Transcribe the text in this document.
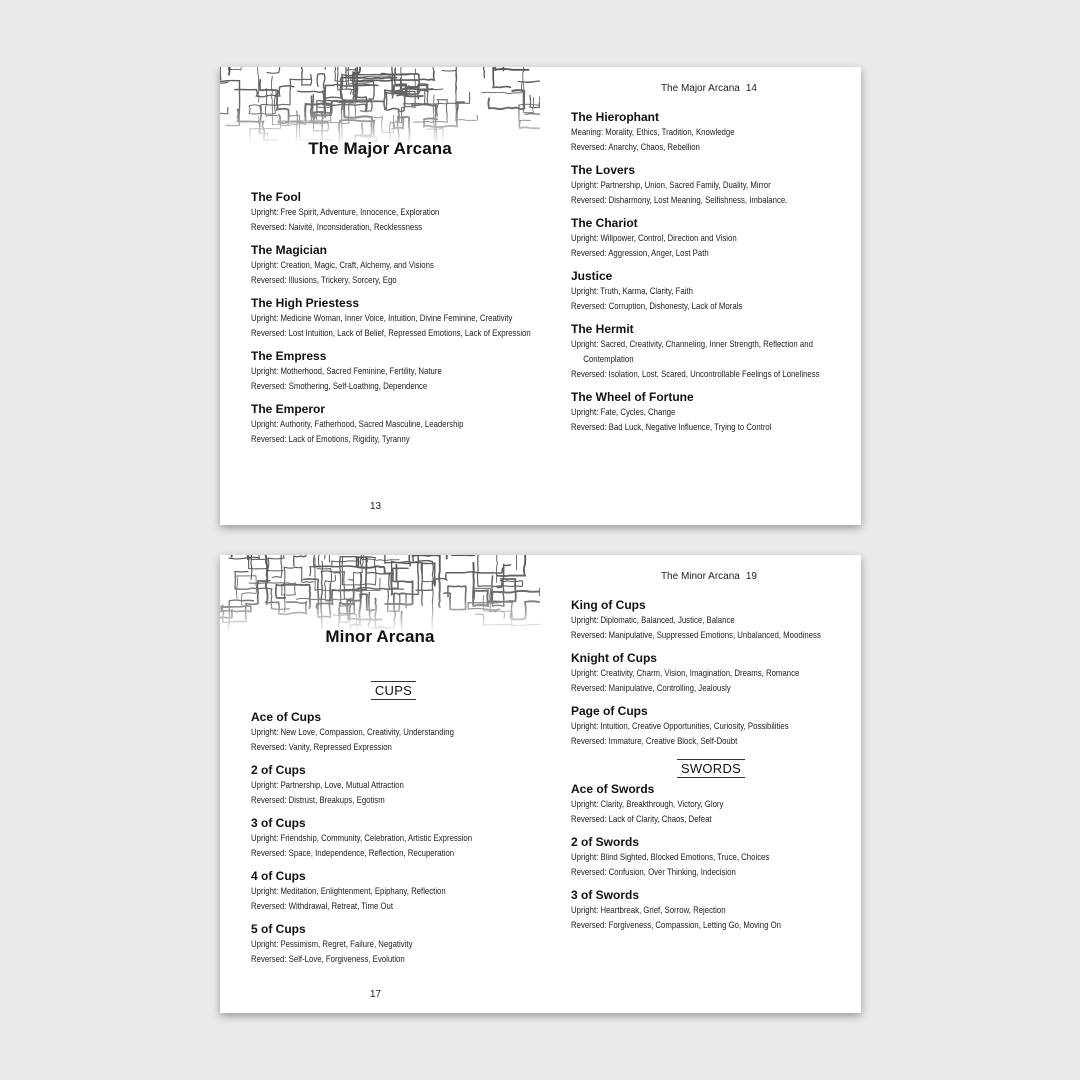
The Major Arcana
The Fool
Upright: Free Spirit, Adventure, Innocence, Exploration
Reversed: Naivité, Inconsideration, Recklessness
The Magician
Upright: Creation, Magic, Craft, Alchemy, and Visions
Reversed: Illusions, Trickery, Sorcery, Ego
The High Priestess
Upright: Medicine Woman, Inner Voice, Intuition, Divine Feminine, Creativity
Reversed: Lost Intuition, Lack of Belief, Repressed Emotions, Lack of Expression
The Empress
Upright: Motherhood, Sacred Feminine, Fertility, Nature
Reversed: Smothering, Self-Loathing, Dependence
The Emperor
Upright: Authority, Fatherhood, Sacred Masculine, Leadership
Reversed: Lack of Emotions, Rigidity, Tyranny
13
The Major Arcana 14
The Hierophant
Meaning: Morality, Ethics, Tradition, Knowledge
Reversed: Anarchy, Chaos, Rebellion
The Lovers
Upright: Partnership, Union, Sacred Family, Duality, Mirror
Reversed: Disharmony, Lost Meaning, Selfishness, Imbalance.
The Chariot
Upright: Willpower, Control, Direction and Vision
Reversed: Aggression, Anger, Lost Path
Justice
Upright: Truth, Karma, Clarity, Faith
Reversed: Corruption, Dishonesty, Lack of Morals
The Hermit
Upright: Sacred, Creativity, Channeling, Inner Strength, Reflection and Contemplation
Reversed: Isolation, Lost, Scared, Uncontrollable Feelings of Loneliness
The Wheel of Fortune
Upright: Fate, Cycles, Change
Reversed: Bad Luck, Negative Influence, Trying to Control
Minor Arcana
CUPS
Ace of Cups
Upright: New Love, Compassion, Creativity, Understanding
Reversed: Vanity, Repressed Expression
2 of Cups
Upright: Partnership, Love, Mutual Attraction
Reversed: Distrust, Breakups, Egotism
3 of Cups
Upright: Friendship, Community, Celebration, Artistic Expression
Reversed: Space, Independence, Reflection, Recuperation
4 of Cups
Upright: Meditation, Enlightenment, Epiphany, Reflection
Reversed: Withdrawal, Retreat, Time Out
5 of Cups
Upright: Pessimism, Regret, Failure, Negativity
Reversed: Self-Love, Forgiveness, Evolution
17
The Minor Arcana 19
King of Cups
Upright: Diplomatic, Balanced, Justice, Balance
Reversed: Manipulative, Suppressed Emotions, Unbalanced, Moodiness
Knight of Cups
Upright: Creativity, Charm, Vision, Imagination, Dreams, Romance
Reversed: Manipulative, Controlling, Jealously
Page of Cups
Upright: Intuition, Creative Opportunities, Curiosity, Possibilities
Reversed: Immature, Creative Block, Self-Doubt
SWORDS
Ace of Swords
Upright: Clarity, Breakthrough, Victory, Glory
Reversed: Lack of Clarity, Chaos, Defeat
2 of Swords
Upright: Blind Sighted, Blocked Emotions, Truce, Choices
Reversed: Confusion, Over Thinking, Indecision
3 of Swords
Upright: Heartbreak, Grief, Sorrow, Rejection
Reversed: Forgiveness, Compassion, Letting Go, Moving On
